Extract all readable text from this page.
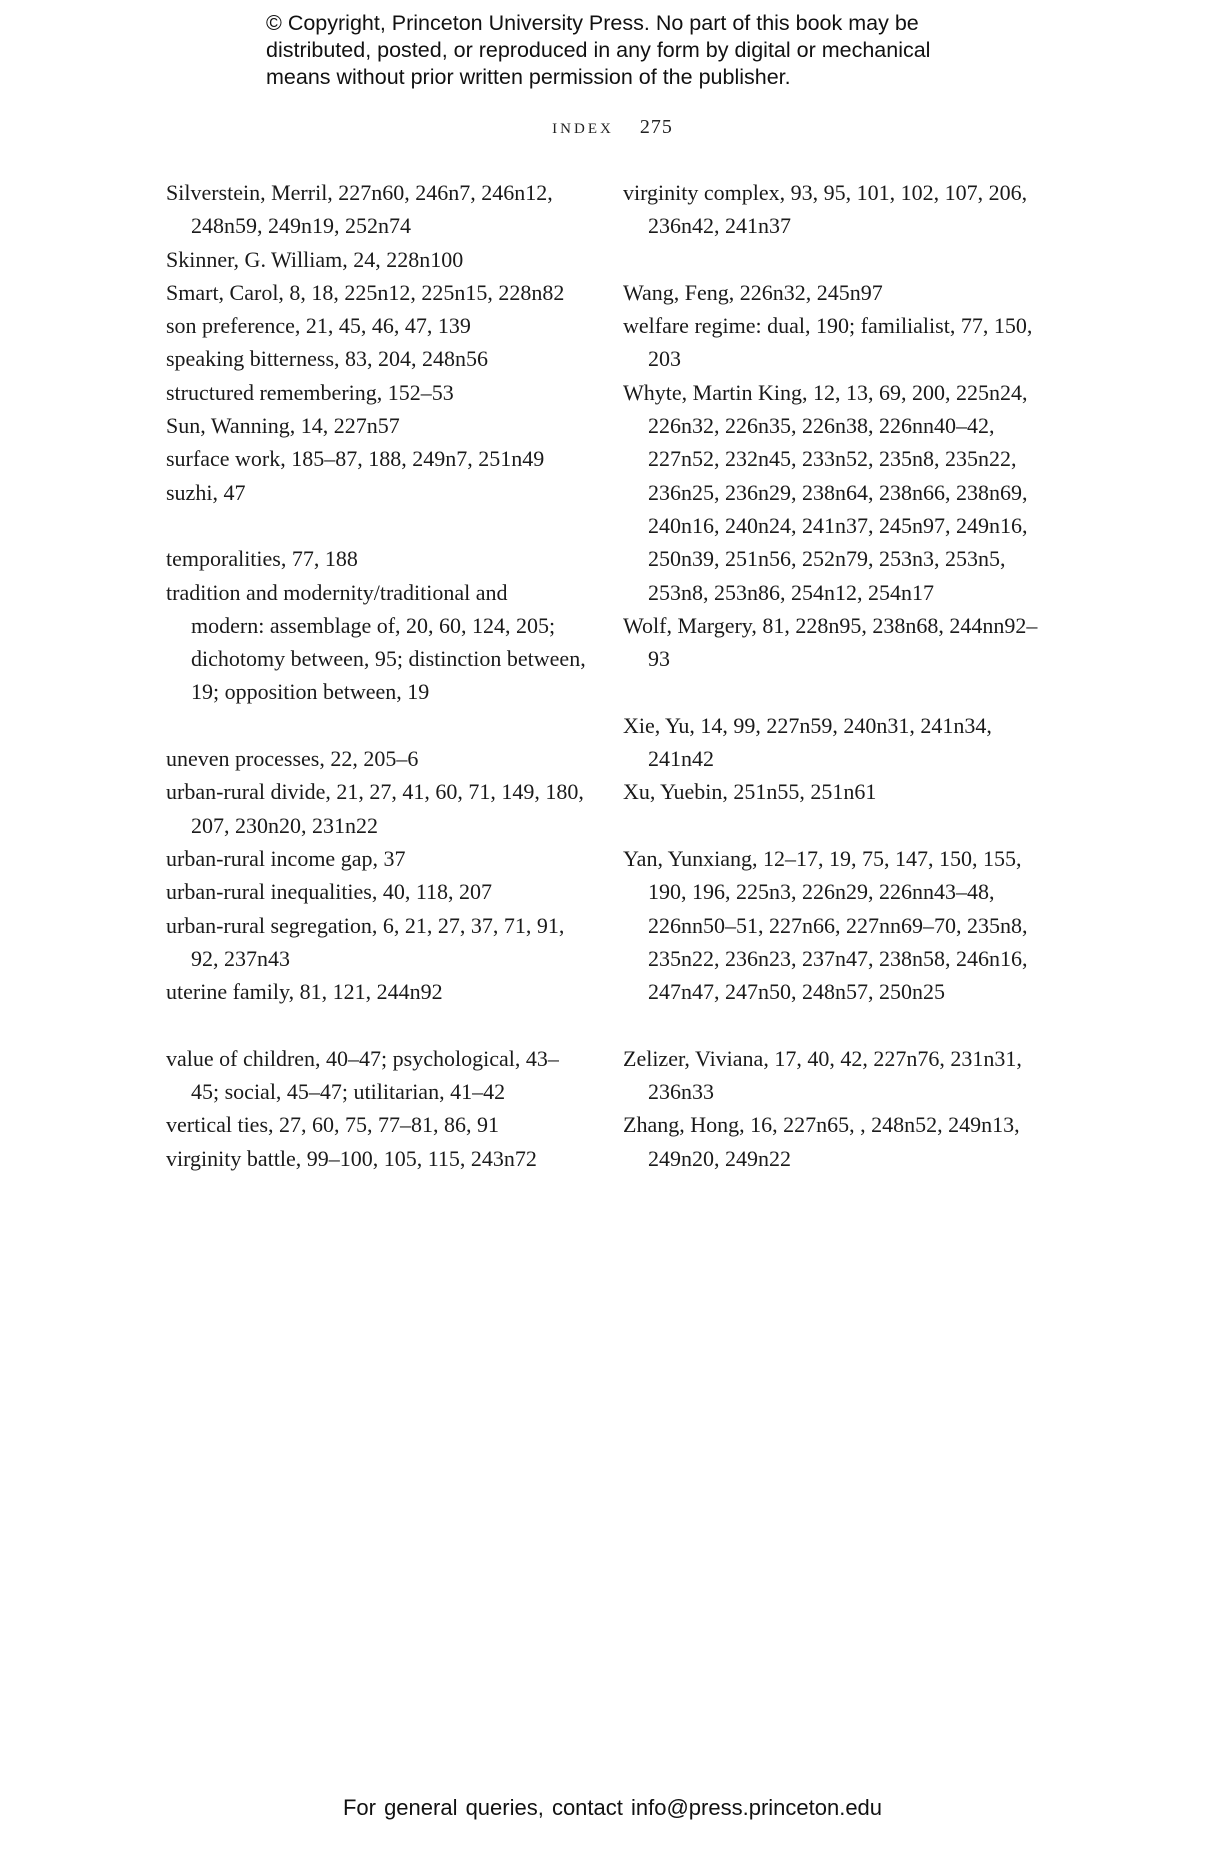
© Copyright, Princeton University Press. No part of this book may be
distributed, posted, or reproduced in any form by digital or mechanical
means without prior written permission of the publisher.
index 275

Silverstein, Merril, 227n60, 246n7, 246n12, 248n59, 249n19, 252n74

Skinner, G. William, 24, 228n100

Smart, Carol, 8, 18, 225n12, 225n15, 228n82

son preference, 21, 45, 46, 47, 139

speaking bitterness, 83, 204, 248n56

structured remembering, 152–53

Sun, Wanning, 14, 227n57

surface work, 185–87, 188, 249n7, 251n49

suzhi, 47

temporalities, 77, 188

tradition and modernity/traditional and modern: assemblage of, 20, 60, 124, 205; dichotomy between, 95; distinction between, 19; opposition between, 19

uneven processes, 22, 205–6

urban-rural divide, 21, 27, 41, 60, 71, 149, 180, 207, 230n20, 231n22

urban-rural income gap, 37

urban-rural inequalities, 40, 118, 207

urban-rural segregation, 6, 21, 27, 37, 71, 91, 92, 237n43

uterine family, 81, 121, 244n92

value of children, 40–47; psychological, 43–45; social, 45–47; utilitarian, 41–42

vertical ties, 27, 60, 75, 77–81, 86, 91

virginity battle, 99–100, 105, 115, 243n72

virginity complex, 93, 95, 101, 102, 107, 206, 236n42, 241n37

Wang, Feng, 226n32, 245n97

welfare regime: dual, 190; familialist, 77, 150, 203

Whyte, Martin King, 12, 13, 69, 200, 225n24, 226n32, 226n35, 226n38, 226nn40–42, 227n52, 232n45, 233n52, 235n8, 235n22, 236n25, 236n29, 238n64, 238n66, 238n69, 240n16, 240n24, 241n37, 245n97, 249n16, 250n39, 251n56, 252n79, 253n3, 253n5, 253n8, 253n86, 254n12, 254n17

Wolf, Margery, 81, 228n95, 238n68, 244nn92–93

Xie, Yu, 14, 99, 227n59, 240n31, 241n34, 241n42

Xu, Yuebin, 251n55, 251n61

Yan, Yunxiang, 12–17, 19, 75, 147, 150, 155, 190, 196, 225n3, 226n29, 226nn43–48, 226nn50–51, 227n66, 227nn69–70, 235n8, 235n22, 236n23, 237n47, 238n58, 246n16, 247n47, 247n50, 248n57, 250n25

Zelizer, Viviana, 17, 40, 42, 227n76, 231n31, 236n33

Zhang, Hong, 16, 227n65, , 248n52, 249n13, 249n20, 249n22

For general queries, contact info@press.princeton.edu
